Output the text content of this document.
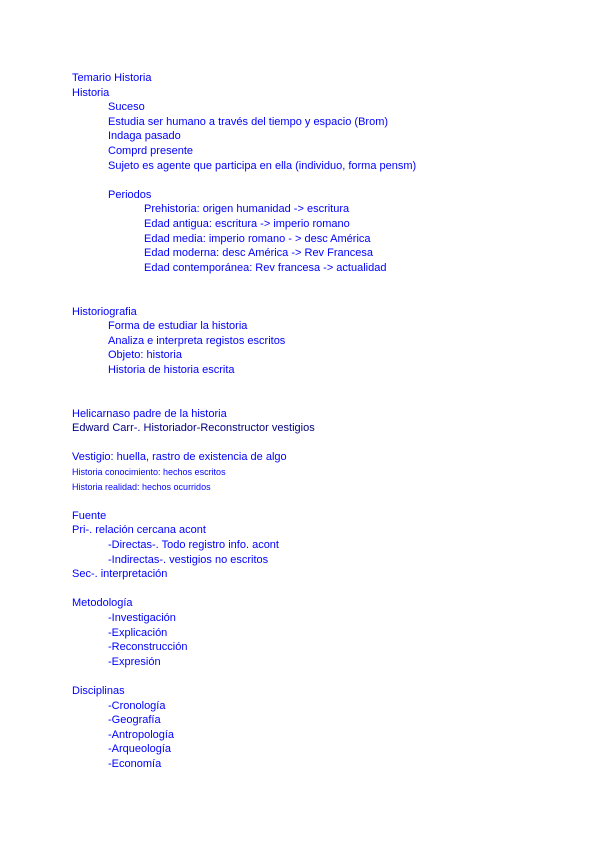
Temario Historia
Historia
Suceso
Estudia ser humano a través del tiempo y espacio (Brom)
Indaga pasado
Comprd presente
Sujeto es agente que participa en ella (individuo, forma pensm)
Periodos
Prehistoria: origen humanidad -> escritura
Edad antigua: escritura -> imperio romano
Edad media: imperio romano - > desc América
Edad moderna: desc América -> Rev Francesa
Edad contemporánea: Rev francesa -> actualidad
Historiografia
Forma de estudiar la historia
Analiza e interpreta registos escritos
Objeto: historia
Historia de historia escrita
Helicarnaso padre de la historia
Edward Carr-. Historiador-Reconstructor vestigios
Vestigio: huella, rastro de existencia de algo
Historia conocimiento: hechos escritos
Historia realidad: hechos ocurridos
Fuente
Pri-. relación cercana acont
-Directas-. Todo registro info. acont
-Indirectas-. vestigios no escritos
Sec-. interpretación
Metodología
-Investigación
-Explicación
-Reconstrucción
-Expresión
Disciplinas
-Cronología
-Geografía
-Antropología
-Arqueología
-Economía
